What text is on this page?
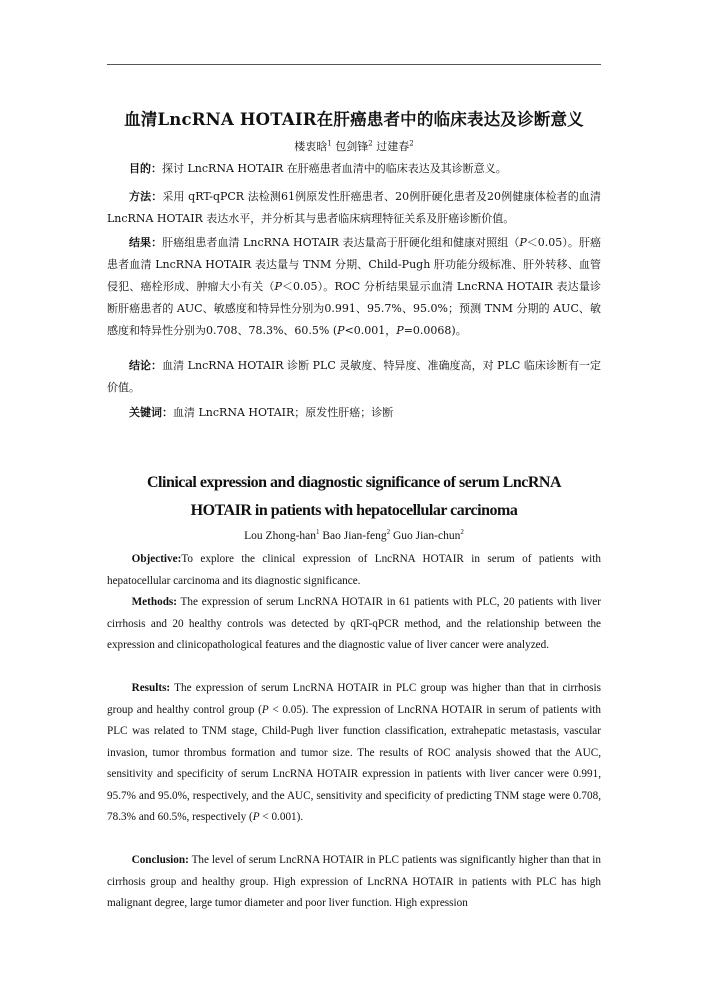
血清LncRNA HOTAIR在肝癌患者中的临床表达及诊断意义
楼衷晗$^1$ 包剑锋$^2$ 过建春$^2$
目的：探讨 LncRNA HOTAIR 在肝癌患者血清中的临床表达及其诊断意义。
方法：采用 qRT-qPCR 法检测61例原发性肝癌患者、20例肝硬化患者及20例健康体检者的血清 LncRNA HOTAIR 表达水平，并分析其与患者临床病理特征关系及肝癌诊断价值。
结果：肝癌组患者血清 LncRNA HOTAIR 表达量高于肝硬化组和健康对照组（P＜0.05）。肝癌患者血清 LncRNA HOTAIR 表达量与 TNM 分期、Child-Pugh 肝功能分级标准、肝外转移、血管侵犯、癌栓形成、肿瘤大小有关（P＜0.05）。ROC 分析结果显示血清 LncRNA HOTAIR 表达量诊断肝癌患者的 AUC、敏感度和特异性分别为0.991、95.7%、95.0%；预测 TNM 分期的 AUC、敏感度和特异性分别为0.708、78.3%、60.5% (P<0.001，P=0.0068)。
结论：血清 LncRNA HOTAIR 诊断 PLC 灵敏度、特异度、准确度高，对 PLC 临床诊断有一定价值。
关键词：血清 LncRNA HOTAIR；原发性肝癌；诊断
Clinical expression and diagnostic significance of serum LncRNA
HOTAIR in patients with hepatocellular carcinoma
Lou Zhong-han$^1$ Bao Jian-feng$^2$ Guo Jian-chun$^2$
Objective:To explore the clinical expression of LncRNA HOTAIR in serum of patients with hepatocellular carcinoma and its diagnostic significance.
Methods: The expression of serum LncRNA HOTAIR in 61 patients with PLC, 20 patients with liver cirrhosis and 20 healthy controls was detected by qRT-qPCR method, and the relationship between the expression and clinicopathological features and the diagnostic value of liver cancer were analyzed.
Results: The expression of serum LncRNA HOTAIR in PLC group was higher than that in cirrhosis group and healthy control group (P < 0.05). The expression of LncRNA HOTAIR in serum of patients with PLC was related to TNM stage, Child-Pugh liver function classification, extrahepatic metastasis, vascular invasion, tumor thrombus formation and tumor size. The results of ROC analysis showed that the AUC, sensitivity and specificity of serum LncRNA HOTAIR expression in patients with liver cancer were 0.991, 95.7% and 95.0%, respectively, and the AUC, sensitivity and specificity of predicting TNM stage were 0.708, 78.3% and 60.5%, respectively (P < 0.001).
Conclusion: The level of serum LncRNA HOTAIR in PLC patients was significantly higher than that in cirrhosis group and healthy group. High expression of LncRNA HOTAIR in patients with PLC has high malignant degree, large tumor diameter and poor liver function. High expression
